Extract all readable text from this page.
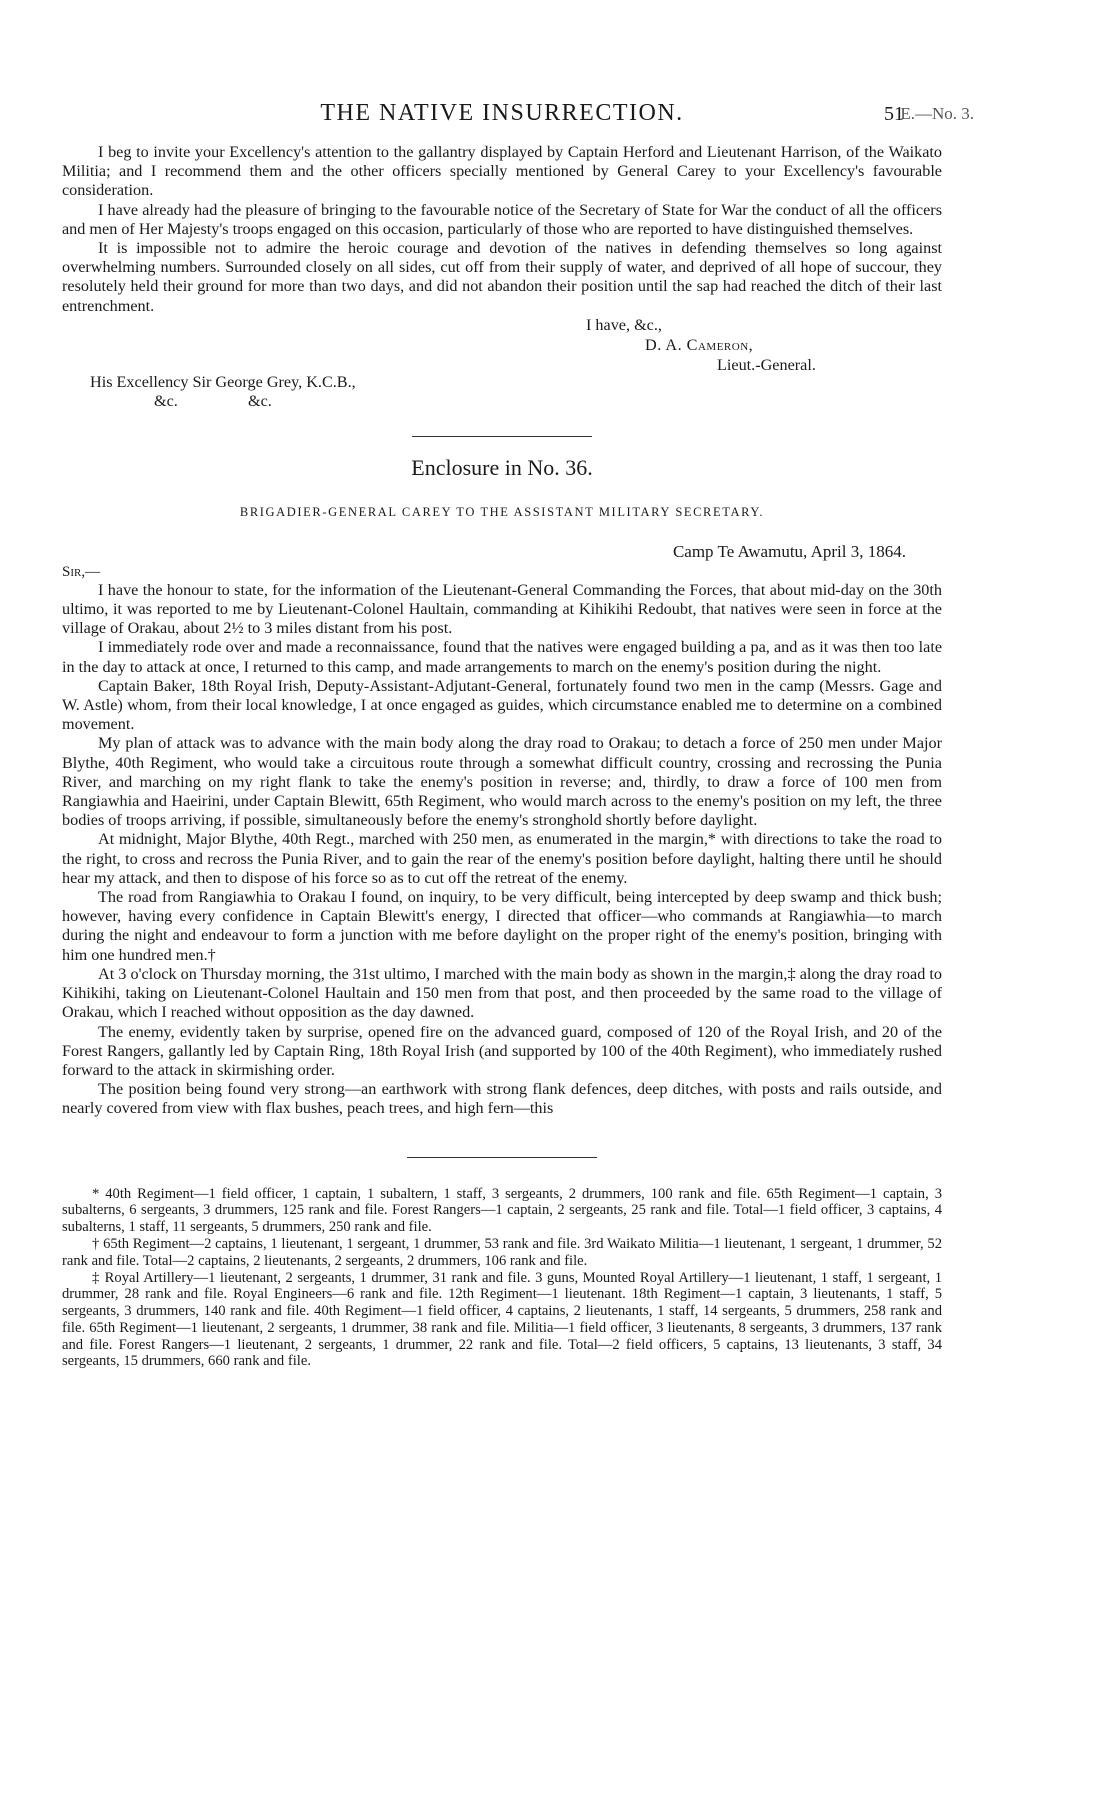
THE NATIVE INSURRECTION.	51
E.—No. 3.

I beg to invite your Excellency's attention to the gallantry displayed by Captain Herford and Lieutenant Harrison, of the Waikato Militia; and I recommend them and the other officers specially mentioned by General Carey to your Excellency's favourable consideration.

I have already had the pleasure of bringing to the favourable notice of the Secretary of State for War the conduct of all the officers and men of Her Majesty's troops engaged on this occasion, particularly of those who are reported to have distinguished themselves.

It is impossible not to admire the heroic courage and devotion of the natives in defending themselves so long against overwhelming numbers. Surrounded closely on all sides, cut off from their supply of water, and deprived of all hope of succour, they resolutely held their ground for more than two days, and did not abandon their position until the sap had reached the ditch of their last entrenchment.

I have, &c.,
D. A. Cameron,
Lieut.-General.
His Excellency Sir George Grey, K.C.B.,
&c.	&c.
Enclosure in No. 36.
BRIGADIER-GENERAL CAREY TO THE ASSISTANT MILITARY SECRETARY.
Camp Te Awamutu, April 3, 1864.
Sir,—

I have the honour to state, for the information of the Lieutenant-General Commanding the Forces, that about mid-day on the 30th ultimo, it was reported to me by Lieutenant-Colonel Haultain, commanding at Kihikihi Redoubt, that natives were seen in force at the village of Orakau, about 2½ to 3 miles distant from his post.

I immediately rode over and made a reconnaissance, found that the natives were engaged building a pa, and as it was then too late in the day to attack at once, I returned to this camp, and made arrangements to march on the enemy's position during the night.

Captain Baker, 18th Royal Irish, Deputy-Assistant-Adjutant-General, fortunately found two men in the camp (Messrs. Gage and W. Astle) whom, from their local knowledge, I at once engaged as guides, which circumstance enabled me to determine on a combined movement.

My plan of attack was to advance with the main body along the dray road to Orakau; to detach a force of 250 men under Major Blythe, 40th Regiment, who would take a circuitous route through a somewhat difficult country, crossing and recrossing the Punia River, and marching on my right flank to take the enemy's position in reverse; and, thirdly, to draw a force of 100 men from Rangiawhia and Haeirini, under Captain Blewitt, 65th Regiment, who would march across to the enemy's position on my left, the three bodies of troops arriving, if possible, simultaneously before the enemy's stronghold shortly before daylight.

At midnight, Major Blythe, 40th Regt., marched with 250 men, as enumerated in the margin,* with directions to take the road to the right, to cross and recross the Punia River, and to gain the rear of the enemy's position before daylight, halting there until he should hear my attack, and then to dispose of his force so as to cut off the retreat of the enemy.

The road from Rangiawhia to Orakau I found, on inquiry, to be very difficult, being intercepted by deep swamp and thick bush; however, having every confidence in Captain Blewitt's energy, I directed that officer—who commands at Rangiawhia—to march during the night and endeavour to form a junction with me before daylight on the proper right of the enemy's position, bringing with him one hundred men.†

At 3 o'clock on Thursday morning, the 31st ultimo, I marched with the main body as shown in the margin,‡ along the dray road to Kihikihi, taking on Lieutenant-Colonel Haultain and 150 men from that post, and then proceeded by the same road to the village of Orakau, which I reached without opposition as the day dawned.

The enemy, evidently taken by surprise, opened fire on the advanced guard, composed of 120 of the Royal Irish, and 20 of the Forest Rangers, gallantly led by Captain Ring, 18th Royal Irish (and supported by 100 of the 40th Regiment), who immediately rushed forward to the attack in skirmishing order.

The position being found very strong—an earthwork with strong flank defences, deep ditches, with posts and rails outside, and nearly covered from view with flax bushes, peach trees, and high fern—this

* 40th Regiment—1 field officer, 1 captain, 1 subaltern, 1 staff, 3 sergeants, 2 drummers, 100 rank and file. 65th Regiment—1 captain, 3 subalterns, 6 sergeants, 3 drummers, 125 rank and file. Forest Rangers—1 captain, 2 sergeants, 25 rank and file. Total—1 field officer, 3 captains, 4 subalterns, 1 staff, 11 sergeants, 5 drummers, 250 rank and file.

† 65th Regiment—2 captains, 1 lieutenant, 1 sergeant, 1 drummer, 53 rank and file. 3rd Waikato Militia—1 lieutenant, 1 sergeant, 1 drummer, 52 rank and file. Total—2 captains, 2 lieutenants, 2 sergeants, 2 drummers, 106 rank and file.

‡ Royal Artillery—1 lieutenant, 2 sergeants, 1 drummer, 31 rank and file. 3 guns, Mounted Royal Artillery—1 lieutenant, 1 staff, 1 sergeant, 1 drummer, 28 rank and file. Royal Engineers—6 rank and file. 12th Regiment—1 lieutenant. 18th Regiment—1 captain, 3 lieutenants, 1 staff, 5 sergeants, 3 drummers, 140 rank and file. 40th Regiment—1 field officer, 4 captains, 2 lieutenants, 1 staff, 14 sergeants, 5 drummers, 258 rank and file. 65th Regiment—1 lieutenant, 2 sergeants, 1 drummer, 38 rank and file. Militia—1 field officer, 3 lieutenants, 8 sergeants, 3 drummers, 137 rank and file. Forest Rangers—1 lieutenant, 2 sergeants, 1 drummer, 22 rank and file. Total—2 field officers, 5 captains, 13 lieutenants, 3 staff, 34 sergeants, 15 drummers, 660 rank and file.
